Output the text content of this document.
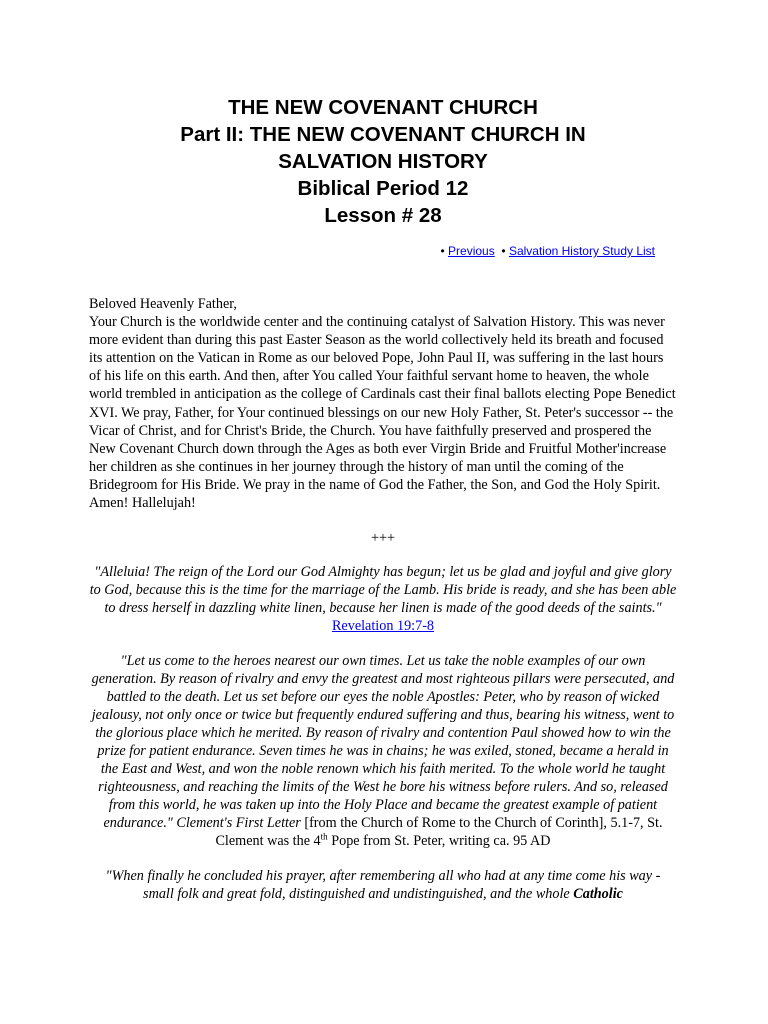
THE NEW COVENANT CHURCH
Part II: THE NEW COVENANT CHURCH IN
SALVATION HISTORY
Biblical Period 12
Lesson # 28
• Previous • Salvation History Study List

Beloved Heavenly Father,

Your Church is the worldwide center and the continuing catalyst of Salvation History. This was never more evident than during this past Easter Season as the world collectively held its breath and focused its attention on the Vatican in Rome as our beloved Pope, John Paul II, was suffering in the last hours of his life on this earth. And then, after You called Your faithful servant home to heaven, the whole world trembled in anticipation as the college of Cardinals cast their final ballots electing Pope Benedict XVI. We pray, Father, for Your continued blessings on our new Holy Father, St. Peter's successor -- the Vicar of Christ, and for Christ's Bride, the Church. You have faithfully preserved and prospered the New Covenant Church down through the Ages as both ever Virgin Bride and Fruitful Mother'increase her children as she continues in her journey through the history of man until the coming of the Bridegroom for His Bride. We pray in the name of God the Father, the Son, and God the Holy Spirit. Amen! Hallelujah!

+++
"Alleluia! The reign of the Lord our God Almighty has begun; let us be glad and joyful and give glory to God, because this is the time for the marriage of the Lamb. His bride is ready, and she has been able to dress herself in dazzling white linen, because her linen is made of the good deeds of the saints." Revelation 19:7-8
"Let us come to the heroes nearest our own times. Let us take the noble examples of our own generation. By reason of rivalry and envy the greatest and most righteous pillars were persecuted, and battled to the death. Let us set before our eyes the noble Apostles: Peter, who by reason of wicked jealousy, not only once or twice but frequently endured suffering and thus, bearing his witness, went to the glorious place which he merited. By reason of rivalry and contention Paul showed how to win the prize for patient endurance. Seven times he was in chains; he was exiled, stoned, became a herald in the East and West, and won the noble renown which his faith merited. To the whole world he taught righteousness, and reaching the limits of the West he bore his witness before rulers. And so, released from this world, he was taken up into the Holy Place and became the greatest example of patient endurance." Clement's First Letter [from the Church of Rome to the Church of Corinth], 5.1-7, St. Clement was the 4th Pope from St. Peter, writing ca. 95 AD
"When finally he concluded his prayer, after remembering all who had at any time come his way - small folk and great fold, distinguished and undistinguished, and the whole Catholic
